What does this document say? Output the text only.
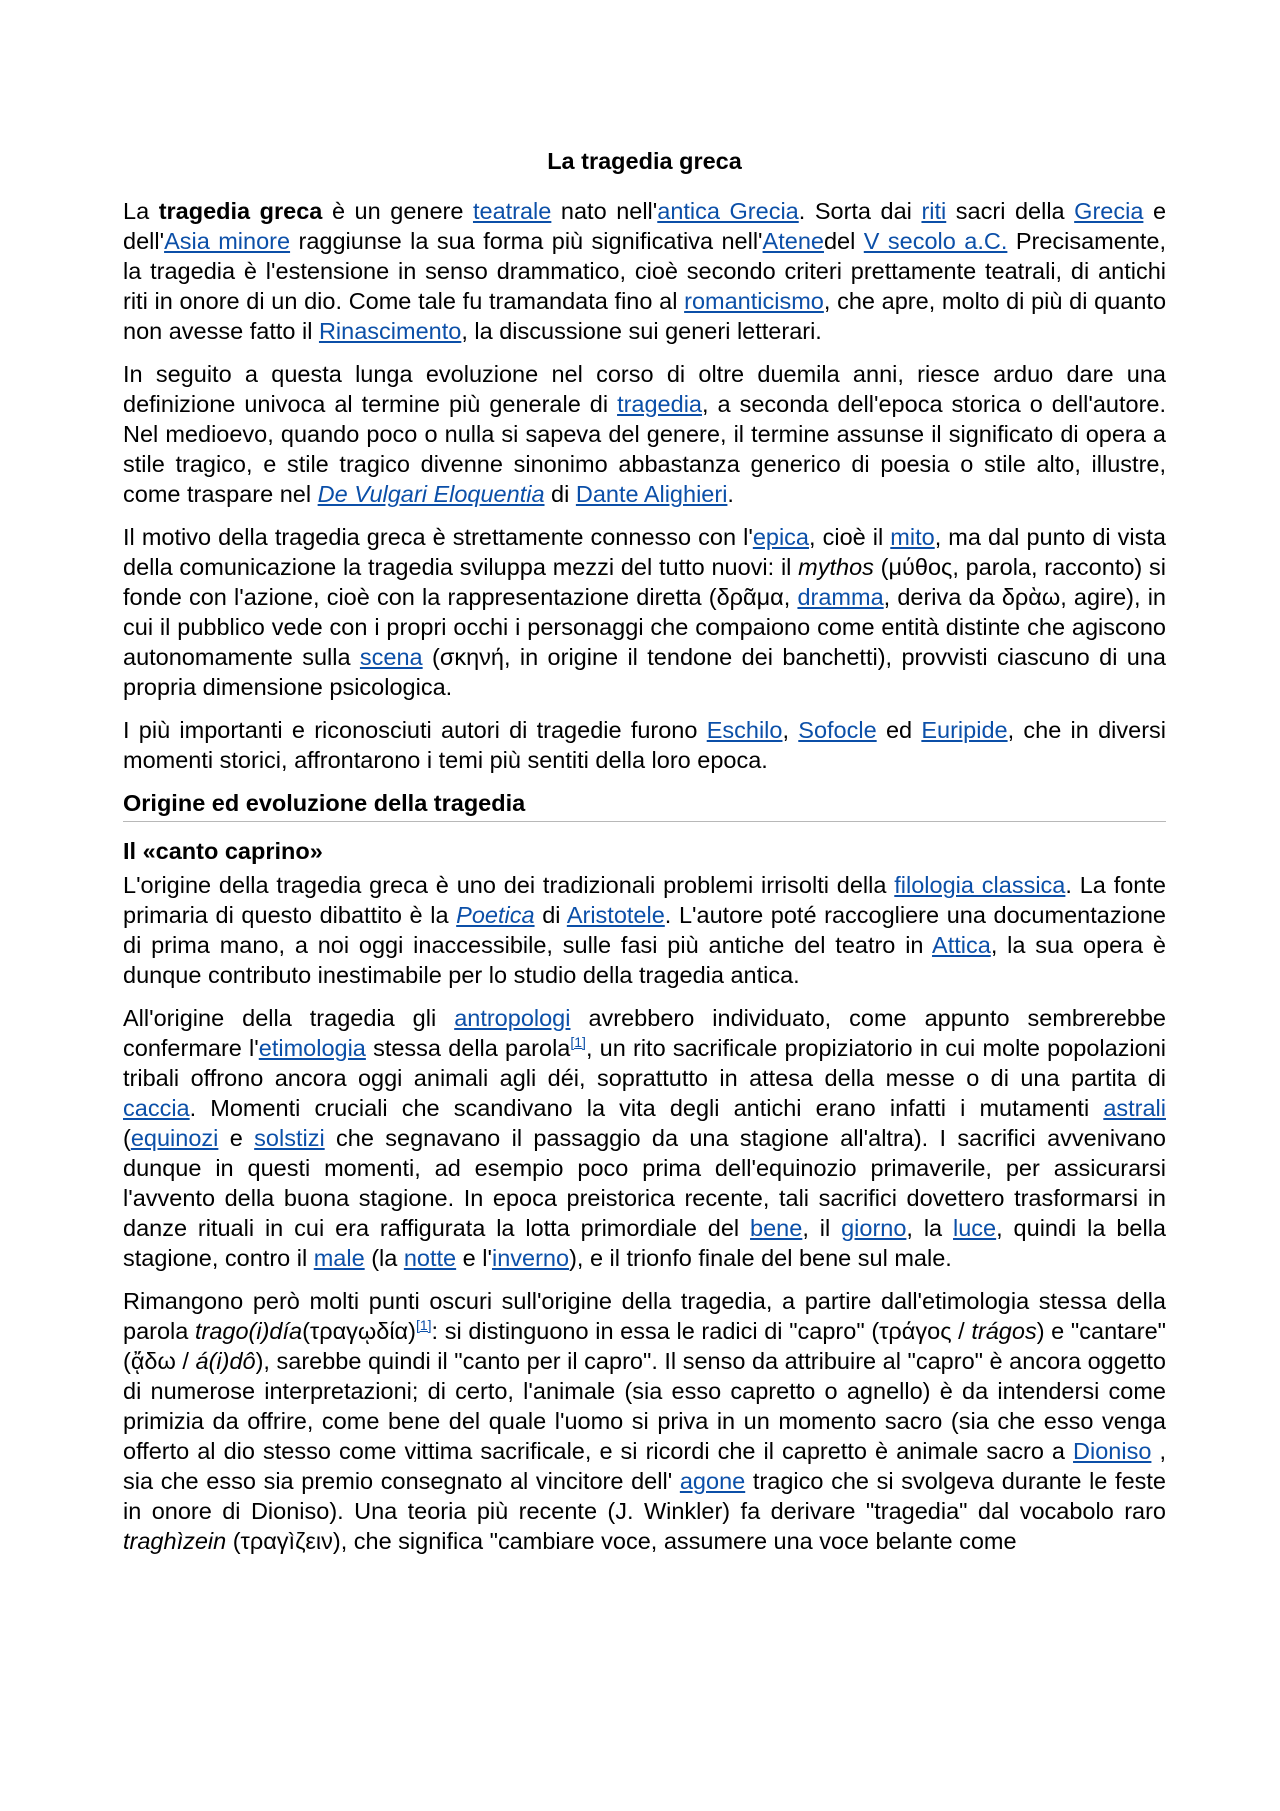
La tragedia greca

La tragedia greca è un genere teatrale nato nell'antica Grecia. Sorta dai riti sacri della Grecia e dell'Asia minore raggiunse la sua forma più significativa nell'Atenedel V secolo a.C. Precisamente, la tragedia è l'estensione in senso drammatico, cioè secondo criteri prettamente teatrali, di antichi riti in onore di un dio. Come tale fu tramandata fino al romanticismo, che apre, molto di più di quanto non avesse fatto il Rinascimento, la discussione sui generi letterari.

In seguito a questa lunga evoluzione nel corso di oltre duemila anni, riesce arduo dare una definizione univoca al termine più generale di tragedia, a seconda dell'epoca storica o dell'autore. Nel medioevo, quando poco o nulla si sapeva del genere, il termine assunse il significato di opera a stile tragico, e stile tragico divenne sinonimo abbastanza generico di poesia o stile alto, illustre, come traspare nel De Vulgari Eloquentia di Dante Alighieri.

Il motivo della tragedia greca è strettamente connesso con l'epica, cioè il mito, ma dal punto di vista della comunicazione la tragedia sviluppa mezzi del tutto nuovi: il mythos (μύθος, parola, racconto) si fonde con l'azione, cioè con la rappresentazione diretta (δρᾶμα, dramma, deriva da δρὰω, agire), in cui il pubblico vede con i propri occhi i personaggi che compaiono come entità distinte che agiscono autonomamente sulla scena (σκηνή, in origine il tendone dei banchetti), provvisti ciascuno di una propria dimensione psicologica.

I più importanti e riconosciuti autori di tragedie furono Eschilo, Sofocle ed Euripide, che in diversi momenti storici, affrontarono i temi più sentiti della loro epoca.

Origine ed evoluzione della tragedia
Il «canto caprino»

L'origine della tragedia greca è uno dei tradizionali problemi irrisolti della filologia classica. La fonte primaria di questo dibattito è la Poetica di Aristotele. L'autore poté raccogliere una documentazione di prima mano, a noi oggi inaccessibile, sulle fasi più antiche del teatro in Attica, la sua opera è dunque contributo inestimabile per lo studio della tragedia antica.

All'origine della tragedia gli antropologi avrebbero individuato, come appunto sembrerebbe confermare l'etimologia stessa della parola[1], un rito sacrificale propiziatorio in cui molte popolazioni tribali offrono ancora oggi animali agli déi, soprattutto in attesa della messe o di una partita di caccia. Momenti cruciali che scandivano la vita degli antichi erano infatti i mutamenti astrali (equinozi e solstizi che segnavano il passaggio da una stagione all'altra). I sacrifici avvenivano dunque in questi momenti, ad esempio poco prima dell'equinozio primaverile, per assicurarsi l'avvento della buona stagione. In epoca preistorica recente, tali sacrifici dovettero trasformarsi in danze rituali in cui era raffigurata la lotta primordiale del bene, il giorno, la luce, quindi la bella stagione, contro il male (la notte e l'inverno), e il trionfo finale del bene sul male.

Rimangono però molti punti oscuri sull'origine della tragedia, a partire dall'etimologia stessa della parola trago(i)día(τραγῳδία)[1]: si distinguono in essa le radici di "capro" (τράγος / trágos) e "cantare" (ᾄδω / á(i)dô), sarebbe quindi il "canto per il capro". Il senso da attribuire al "capro" è ancora oggetto di numerose interpretazioni; di certo, l'animale (sia esso capretto o agnello) è da intendersi come primizia da offrire, come bene del quale l'uomo si priva in un momento sacro (sia che esso venga offerto al dio stesso come vittima sacrificale, e si ricordi che il capretto è animale sacro a Dioniso , sia che esso sia premio consegnato al vincitore dell' agone tragico che si svolgeva durante le feste in onore di Dioniso). Una teoria più recente (J. Winkler) fa derivare "tragedia" dal vocabolo raro traghìzein (τραγìζειν), che significa "cambiare voce, assumere una voce belante come
